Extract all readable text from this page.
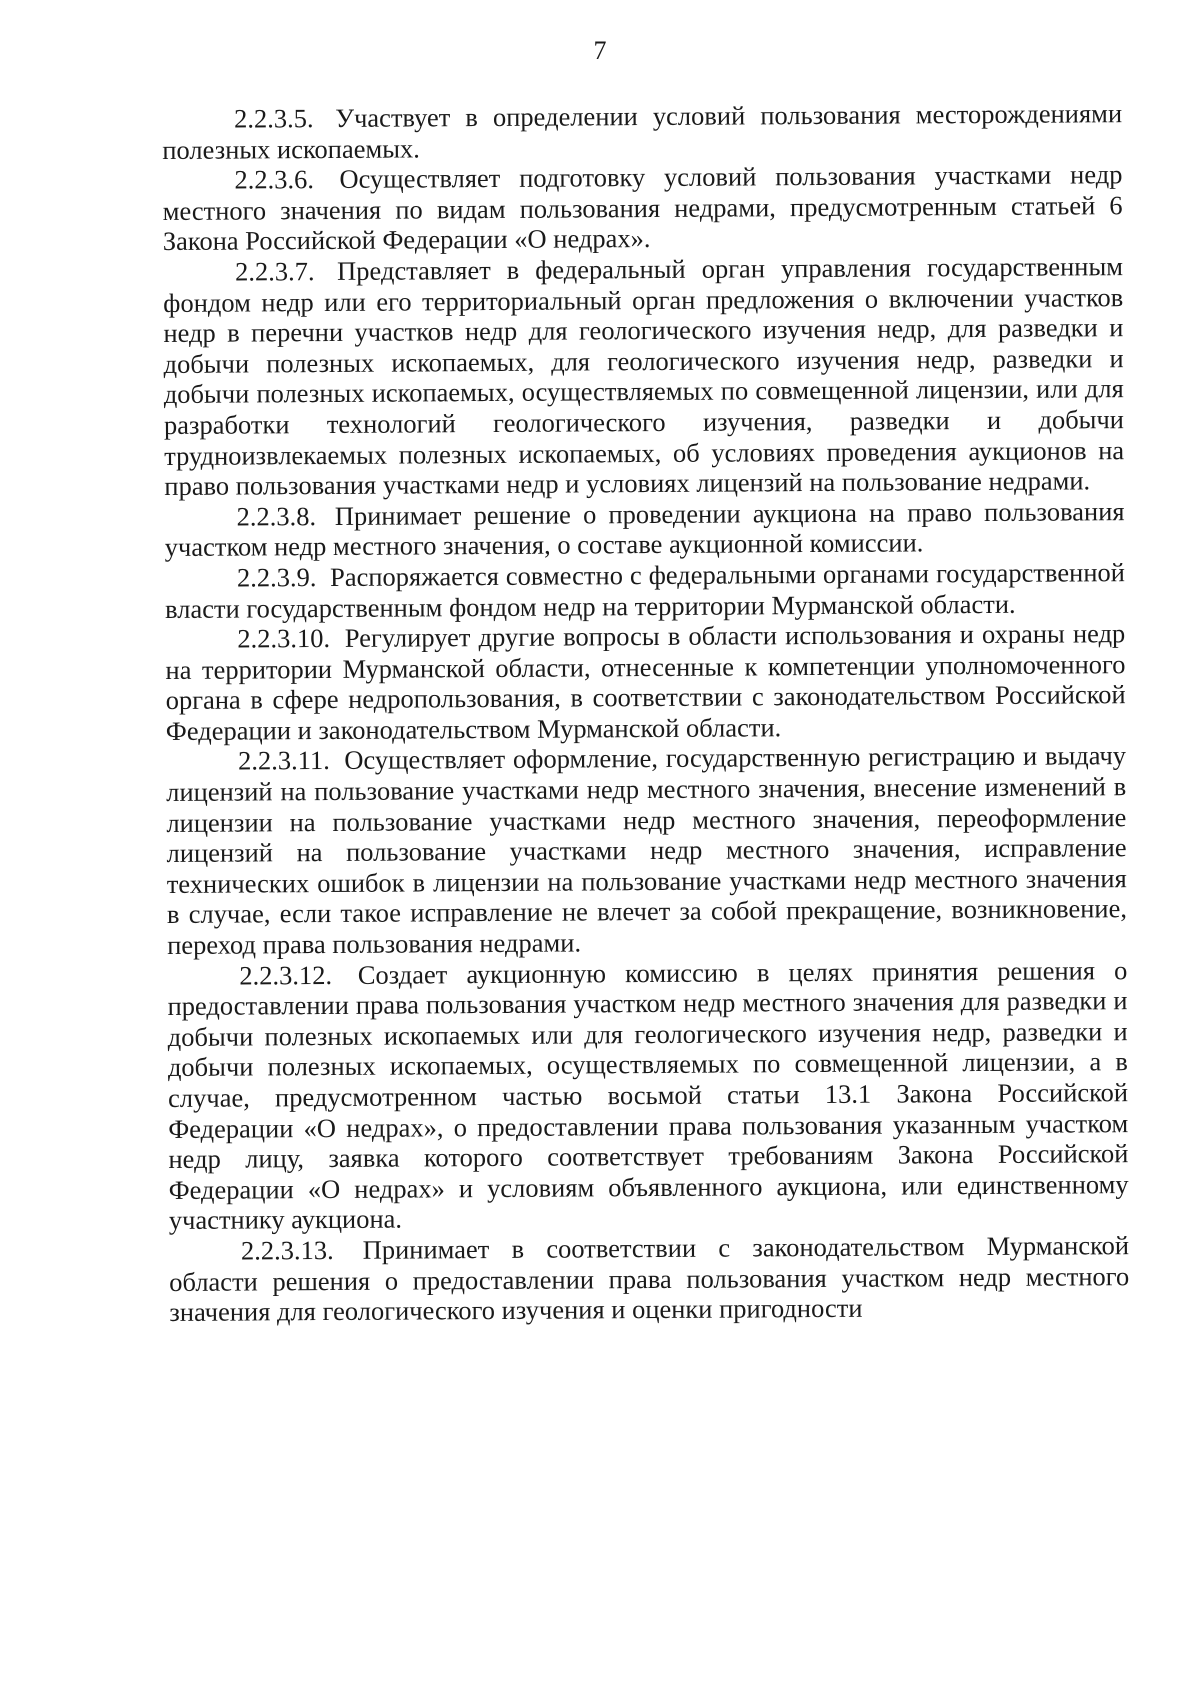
7

2.2.3.5. Участвует в определении условий пользования месторождениями полезных ископаемых.

2.2.3.6. Осуществляет подготовку условий пользования участками недр местного значения по видам пользования недрами, предусмотренным статьей 6 Закона Российской Федерации «О недрах».

2.2.3.7. Представляет в федеральный орган управления государственным фондом недр или его территориальный орган предложения о включении участков недр в перечни участков недр для геологического изучения недр, для разведки и добычи полезных ископаемых, для геологического изучения недр, разведки и добычи полезных ископаемых, осуществляемых по совмещенной лицензии, или для разработки технологий геологического изучения, разведки и добычи трудноизвлекаемых полезных ископаемых, об условиях проведения аукционов на право пользования участками недр и условиях лицензий на пользование недрами.

2.2.3.8. Принимает решение о проведении аукциона на право пользования участком недр местного значения, о составе аукционной комиссии.

2.2.3.9. Распоряжается совместно с федеральными органами государственной власти государственным фондом недр на территории Мурманской области.

2.2.3.10. Регулирует другие вопросы в области использования и охраны недр на территории Мурманской области, отнесенные к компетенции уполномоченного органа в сфере недропользования, в соответствии с законодательством Российской Федерации и законодательством Мурманской области.

2.2.3.11. Осуществляет оформление, государственную регистрацию и выдачу лицензий на пользование участками недр местного значения, внесение изменений в лицензии на пользование участками недр местного значения, переоформление лицензий на пользование участками недр местного значения, исправление технических ошибок в лицензии на пользование участками недр местного значения в случае, если такое исправление не влечет за собой прекращение, возникновение, переход права пользования недрами.

2.2.3.12. Создает аукционную комиссию в целях принятия решения о предоставлении права пользования участком недр местного значения для разведки и добычи полезных ископаемых или для геологического изучения недр, разведки и добычи полезных ископаемых, осуществляемых по совмещенной лицензии, а в случае, предусмотренном частью восьмой статьи 13.1 Закона Российской Федерации «О недрах», о предоставлении права пользования указанным участком недр лицу, заявка которого соответствует требованиям Закона Российской Федерации «О недрах» и условиям объявленного аукциона, или единственному участнику аукциона.

2.2.3.13. Принимает в соответствии с законодательством Мурманской области решения о предоставлении права пользования участком недр местного значения для геологического изучения и оценки пригодности
